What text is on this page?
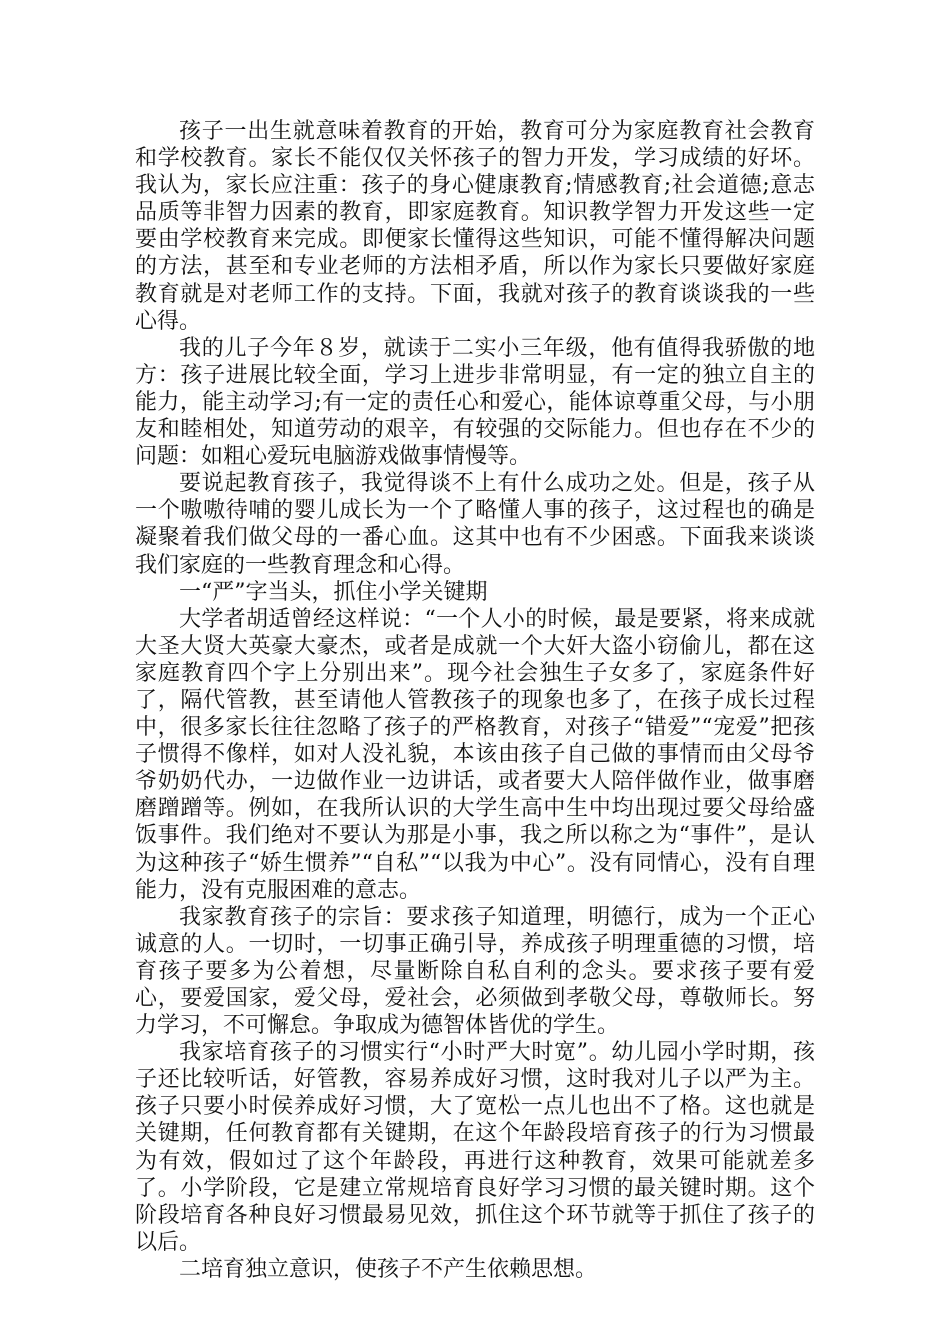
孩子一出生就意味着教育的开始，教育可分为家庭教育社会教育和学校教育。家长不能仅仅关怀孩子的智力开发，学习成绩的好坏。我认为，家长应注重：孩子的身心健康教育;情感教育;社会道德;意志品质等非智力因素的教育，即家庭教育。知识教学智力开发这些一定要由学校教育来完成。即便家长懂得这些知识，可能不懂得解决问题的方法，甚至和专业老师的方法相矛盾，所以作为家长只要做好家庭教育就是对老师工作的支持。下面，我就对孩子的教育谈谈我的一些心得。

我的儿子今年８岁，就读于二实小三年级，他有值得我骄傲的地方：孩子进展比较全面，学习上进步非常明显，有一定的独立自主的能力，能主动学习;有一定的责任心和爱心，能体谅尊重父母，与小朋友和睦相处，知道劳动的艰辛，有较强的交际能力。但也存在不少的问题：如粗心爱玩电脑游戏做事情慢等。

要说起教育孩子，我觉得谈不上有什么成功之处。但是，孩子从一个嗷嗷待哺的婴儿成长为一个了略懂人事的孩子，这过程也的确是凝聚着我们做父母的一番心血。这其中也有不少困惑。下面我来谈谈我们家庭的一些教育理念和心得。

一“严”字当头，抓住小学关键期

大学者胡适曾经这样说：“一个人小的时候，最是要紧，将来成就大圣大贤大英豪大豪杰，或者是成就一个大奸大盗小窃偷儿，都在这家庭教育四个字上分别出来”。现今社会独生子女多了，家庭条件好了，隔代管教，甚至请他人管教孩子的现象也多了，在孩子成长过程中，很多家长往往忽略了孩子的严格教育，对孩子“错爱”“宠爱”把孩子惯得不像样，如对人没礼貌，本该由孩子自己做的事情而由父母爷爷奶奶代办，一边做作业一边讲话，或者要大人陪伴做作业，做事磨磨蹭蹭等。例如，在我所认识的大学生高中生中均出现过要父母给盛饭事件。我们绝对不要认为那是小事，我之所以称之为“事件”，是认为这种孩子“娇生惯养”“自私”“以我为中心”。没有同情心，没有自理能力，没有克服困难的意志。

我家教育孩子的宗旨：要求孩子知道理，明德行，成为一个正心诚意的人。一切时，一切事正确引导，养成孩子明理重德的习惯，培育孩子要多为公着想，尽量断除自私自利的念头。要求孩子要有爱心，要爱国家，爱父母，爱社会，必须做到孝敬父母，尊敬师长。努力学习，不可懈怠。争取成为德智体皆优的学生。

我家培育孩子的习惯实行“小时严大时宽”。幼儿园小学时期，孩子还比较听话，好管教，容易养成好习惯，这时我对儿子以严为主。孩子只要小时侯养成好习惯，大了宽松一点儿也出不了格。这也就是关键期，任何教育都有关键期，在这个年龄段培育孩子的行为习惯最为有效，假如过了这个年龄段，再进行这种教育，效果可能就差多了。小学阶段，它是建立常规培育良好学习习惯的最关键时期。这个阶段培育各种良好习惯最易见效，抓住这个环节就等于抓住了孩子的以后。

二培育独立意识，使孩子不产生依赖思想。
